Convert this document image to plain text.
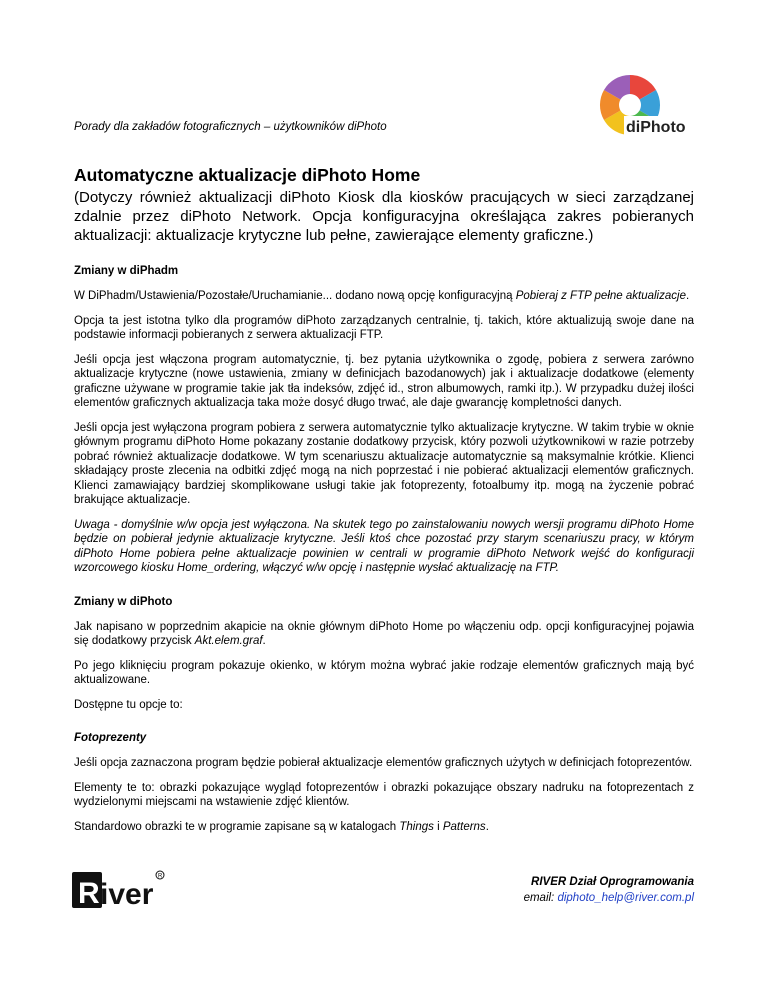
Porady dla zakładów fotograficznych – użytkowników diPhoto	diPhoto
Automatyczne aktualizacje diPhoto Home
(Dotyczy również aktualizacji diPhoto Kiosk dla kiosków pracujących w sieci zarządzanej zdalnie przez diPhoto Network. Opcja konfiguracyjna określająca zakres pobieranych aktualizacji: aktualizacje krytyczne lub pełne, zawierające elementy graficzne.)
Zmiany w diPhadm

W DiPhadm/Ustawienia/Pozostałe/Uruchamianie... dodano nową opcję konfiguracyjną Pobieraj z FTP pełne aktualizacje.

Opcja ta jest istotna tylko dla programów diPhoto zarządzanych centralnie, tj. takich, które aktualizują swoje dane na podstawie informacji pobieranych z serwera aktualizacji FTP.

Jeśli opcja jest włączona program automatycznie, tj. bez pytania użytkownika o zgodę, pobiera z serwera zarówno aktualizacje krytyczne (nowe ustawienia, zmiany w definicjach bazodanowych) jak i aktualizacje dodatkowe (elementy graficzne używane w programie takie jak tła indeksów, zdjęć id., stron albumowych, ramki itp.). W przypadku dużej ilości elementów graficznych aktualizacja taka może dosyć długo trwać, ale daje gwarancję kompletności danych.

Jeśli opcja jest wyłączona program pobiera z serwera automatycznie tylko aktualizacje krytyczne. W takim trybie w oknie głównym programu diPhoto Home pokazany zostanie dodatkowy przycisk, który pozwoli użytkownikowi w razie potrzeby pobrać również aktualizacje dodatkowe. W tym scenariuszu aktualizacje automatycznie są maksymalnie krótkie. Klienci składający proste zlecenia na odbitki zdjęć mogą na nich poprzestać i nie pobierać aktualizacji elementów graficznych. Klienci zamawiający bardziej skomplikowane usługi takie jak fotoprezenty, fotoalbumy itp. mogą na życzenie pobrać brakujące aktualizacje.

Uwaga - domyślnie w/w opcja jest wyłączona. Na skutek tego po zainstalowaniu nowych wersji programu diPhoto Home będzie on pobierał jedynie aktualizacje krytyczne. Jeśli ktoś chce pozostać przy starym scenariuszu pracy, w którym diPhoto Home pobiera pełne aktualizacje powinien w centrali w programie diPhoto Network wejść do konfiguracji wzorcowego kiosku Home_ordering, włączyć w/w opcję i następnie wysłać aktualizację na FTP.

Zmiany w diPhoto

Jak napisano w poprzednim akapicie na oknie głównym diPhoto Home po włączeniu odp. opcji konfiguracyjnej pojawia się dodatkowy przycisk Akt.elem.graf.

Po jego kliknięciu program pokazuje okienko, w którym można wybrać jakie rodzaje elementów graficznych mają być aktualizowane.

Dostępne tu opcje to:

Fotoprezenty

Jeśli opcja zaznaczona program będzie pobierał aktualizacje elementów graficznych użytych w definicjach fotoprezentów.

Elementy te to: obrazki pokazujące wygląd fotoprezentów i obrazki pokazujące obszary nadruku na fotoprezentach z wydzielonymi miejscami na wstawienie zdjęć klientów.

Standardowo obrazki te w programie zapisane są w katalogach Things i Patterns.

R iver
R	RIVER Dział Oprogramowania
email: diphoto_help@river.com.pl
